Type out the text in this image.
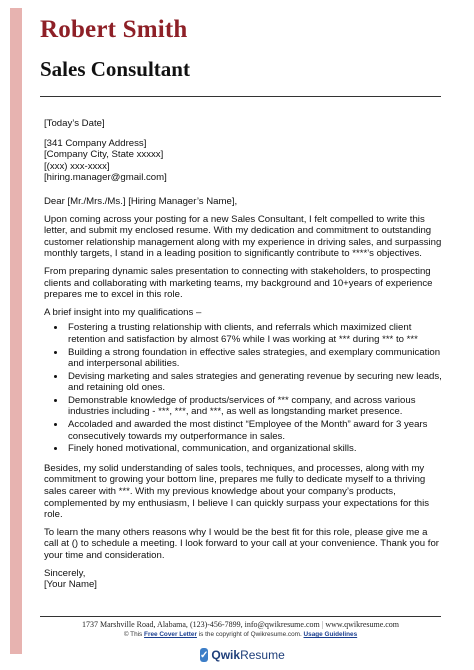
Robert Smith
Sales Consultant

[Today’s Date]

[341 Company Address]
[Company City, State xxxxx]
[(xxx) xxx-xxxx]
[hiring.manager@gmail.com]

Dear [Mr./Mrs./Ms.] [Hiring Manager’s Name],

Upon coming across your posting for a new Sales Consultant, I felt compelled to write this letter, and submit my enclosed resume. With my dedication and commitment to outstanding customer relationship management along with my experience in driving sales, and surpassing monthly targets, I stand in a leading position to significantly contribute to ****’s objectives.

From preparing dynamic sales presentation to connecting with stakeholders, to prospecting clients and collaborating with marketing teams, my background and 10+years of experience prepares me to excel in this role.

A brief insight into my qualifications –

• Fostering a trusting relationship with clients, and referrals which maximized client retention and satisfaction by almost 67% while I was working at *** during *** to ***
• Building a strong foundation in effective sales strategies, and exemplary communication and interpersonal abilities.
• Devising marketing and sales strategies and generating revenue by securing new leads, and retaining old ones.
• Demonstrable knowledge of products/services of *** company, and across various industries including - ***, ***, and ***, as well as longstanding market presence.
• Accoladed and awarded the most distinct “Employee of the Month” award for 3 years consecutively towards my outperformance in sales.
• Finely honed motivational, communication, and organizational skills.

Besides, my solid understanding of sales tools, techniques, and processes, along with my commitment to growing your bottom line, prepares me fully to dedicate myself to a thriving sales career with ***. With my previous knowledge about your company’s products, complemented by my enthusiasm, I believe I can quickly surpass your expectations for this role.

To learn the many others reasons why I would be the best fit for this role, please give me a call at () to schedule a meeting. I look forward to your call at your convenience. Thank you for your time and consideration.

Sincerely,
[Your Name]
1737 Marshville Road, Alabama, (123)-456-7899, info@qwikresume.com | www.qwikresume.com
© This Free Cover Letter is the copyright of Qwikresume.com. Usage Guidelines
✓ Qwik Resume
